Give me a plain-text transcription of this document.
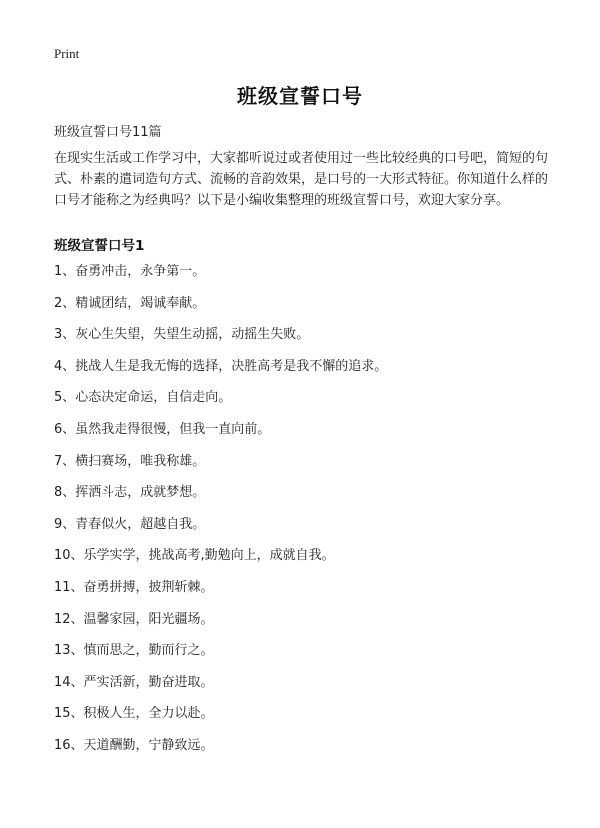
Print
班级宣誓口号
班级宣誓口号11篇
在现实生活或工作学习中，大家都听说过或者使用过一些比较经典的口号吧，简短的句式、朴素的遣词造句方式、流畅的音韵效果，是口号的一大形式特征。你知道什么样的口号才能称之为经典吗？以下是小编收集整理的班级宣誓口号，欢迎大家分享。
班级宣誓口号1
1、奋勇冲击，永争第一。
2、精诚团结，竭诚奉献。
3、灰心生失望，失望生动摇，动摇生失败。
4、挑战人生是我无悔的选择，决胜高考是我不懈的追求。
5、心态决定命运，自信走向。
6、虽然我走得很慢，但我一直向前。
7、横扫赛场，唯我称雄。
8、挥洒斗志，成就梦想。
9、青春似火，超越自我。
10、乐学实学，挑战高考,勤勉向上，成就自我。
11、奋勇拼搏，披荆斩棘。
12、温馨家园，阳光疆场。
13、慎而思之，勤而行之。
14、严实活新，勤奋进取。
15、积极人生，全力以赴。
16、天道酬勤，宁静致远。
